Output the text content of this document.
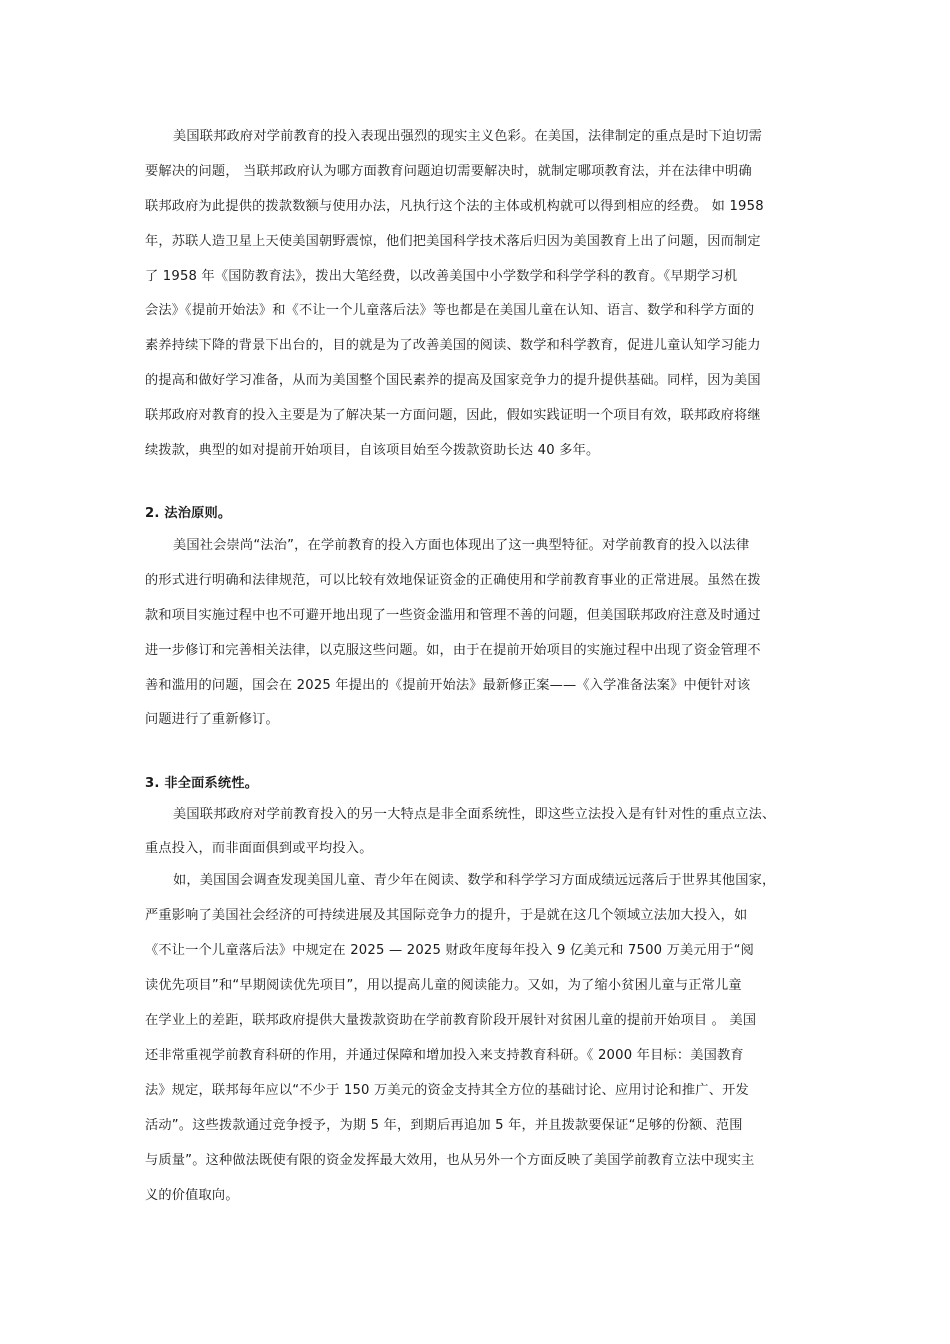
美国联邦政府对学前教育的投入表现出强烈的现实主义色彩。在美国，法律制定的重点是时下迫切需
要解决的问题， 当联邦政府认为哪方面教育问题迫切需要解决时，就制定哪项教育法，并在法律中明确
联邦政府为此提供的拨款数额与使用办法，凡执行这个法的主体或机构就可以得到相应的经费。 如 1958
年，苏联人造卫星上天使美国朝野震惊，他们把美国科学技术落后归因为美国教育上出了问题，因而制定
了 1958 年《国防教育法》，拨出大笔经费，以改善美国中小学数学和科学学科的教育。《早期学习机
会法》《提前开始法》和《不让一个儿童落后法》等也都是在美国儿童在认知、语言、数学和科学方面的
素养持续下降的背景下出台的，目的就是为了改善美国的阅读、数学和科学教育，促进儿童认知学习能力
的提高和做好学习准备，从而为美国整个国民素养的提高及国家竞争力的提升提供基础。同样，因为美国
联邦政府对教育的投入主要是为了解决某一方面问题，因此，假如实践证明一个项目有效，联邦政府将继
续拨款，典型的如对提前开始项目，自该项目始至今拨款资助长达 40 多年。
2. 法治原则。
美国社会崇尚“法治”，在学前教育的投入方面也体现出了这一典型特征。对学前教育的投入以法律
的形式进行明确和法律规范，可以比较有效地保证资金的正确使用和学前教育事业的正常进展。虽然在拨
款和项目实施过程中也不可避开地出现了一些资金滥用和管理不善的问题，但美国联邦政府注意及时通过
进一步修订和完善相关法律，以克服这些问题。如，由于在提前开始项目的实施过程中出现了资金管理不
善和滥用的问题，国会在 2025 年提出的《提前开始法》最新修正案——《入学准备法案》中便针对该
问题进行了重新修订。
3. 非全面系统性。
美国联邦政府对学前教育投入的另一大特点是非全面系统性，即这些立法投入是有针对性的重点立法、
重点投入，而非面面俱到或平均投入。
如，美国国会调查发现美国儿童、青少年在阅读、数学和科学学习方面成绩远远落后于世界其他国家，
严重影响了美国社会经济的可持续进展及其国际竞争力的提升，于是就在这几个领域立法加大投入，如
《不让一个儿童落后法》中规定在 2025 — 2025 财政年度每年投入 9 亿美元和 7500 万美元用于“阅
读优先项目”和“早期阅读优先项目”，用以提高儿童的阅读能力。又如，为了缩小贫困儿童与正常儿童
在学业上的差距，联邦政府提供大量拨款资助在学前教育阶段开展针对贫困儿童的提前开始项目 。 美国
还非常重视学前教育科研的作用，并通过保障和增加投入来支持教育科研。《 2000 年目标：美国教育
法》规定，联邦每年应以“不少于 150 万美元的资金支持其全方位的基础讨论、应用讨论和推广、开发
活动”。这些拨款通过竞争授予，为期 5 年，到期后再追加 5 年，并且拨款要保证“足够的份额、范围
与质量”。这种做法既使有限的资金发挥最大效用，也从另外一个方面反映了美国学前教育立法中现实主
义的价值取向。
